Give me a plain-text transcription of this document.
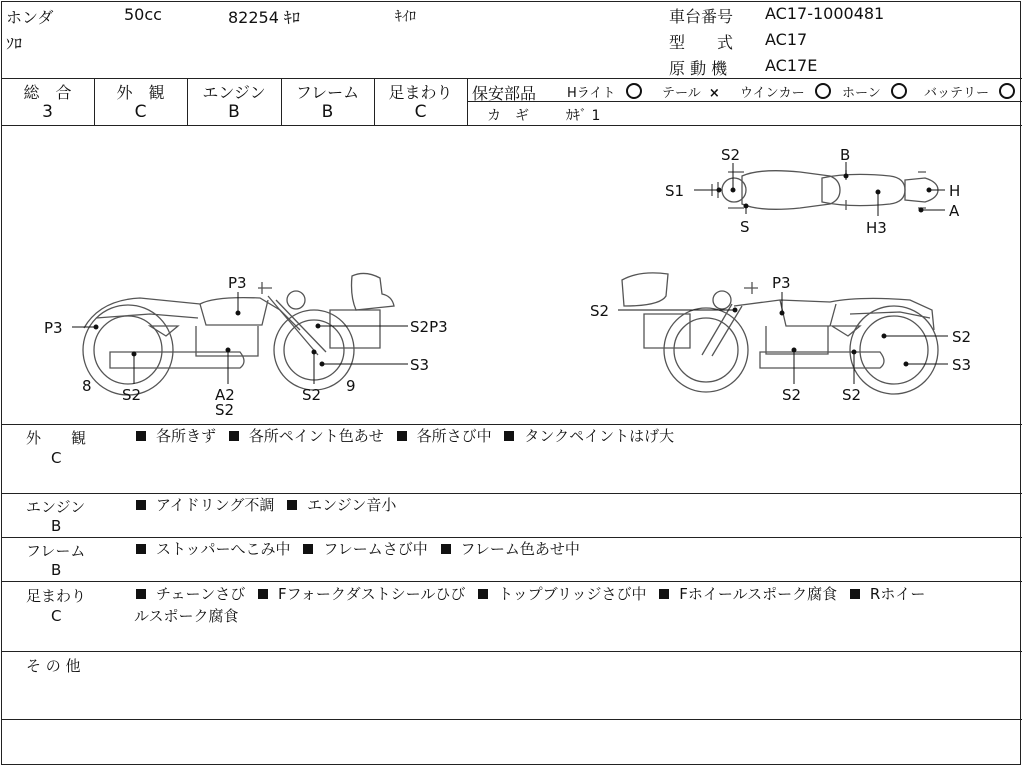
ホンダ	50cc	82254 ｷﾛ	ｷｲﾛ
ｿﾛ
車台番号 AC17-1000481
型　　式 AC17
原 動 機 AC17E
総　合
3
外　観
C
エンジン
B
フレーム
B
足まわり
C
保安部品 Hライト	テール × ウインカー	ホーン	バッテリー
カ　ギ	ｶｷﾞ 1
S2
S1
S
B
H
A
H3
P3
P3	S2P3
S3
8 S2	A2
S2
S2 9
P3
S2
S2
S3
S2	S2
外　　観
C
各所きず 各所ペイント色あせ 各所さび中 タンクペイントはげ大
エンジン
B
アイドリング不調 エンジン音小
フレーム
B
ストッパーへこみ中 フレームさび中 フレーム色あせ中
足まわり
C
チェーンさび Fフォークダストシールひび トップブリッジさび中 Fホイールスポーク腐食 Rホイー
ルスポーク腐食
そ の 他
